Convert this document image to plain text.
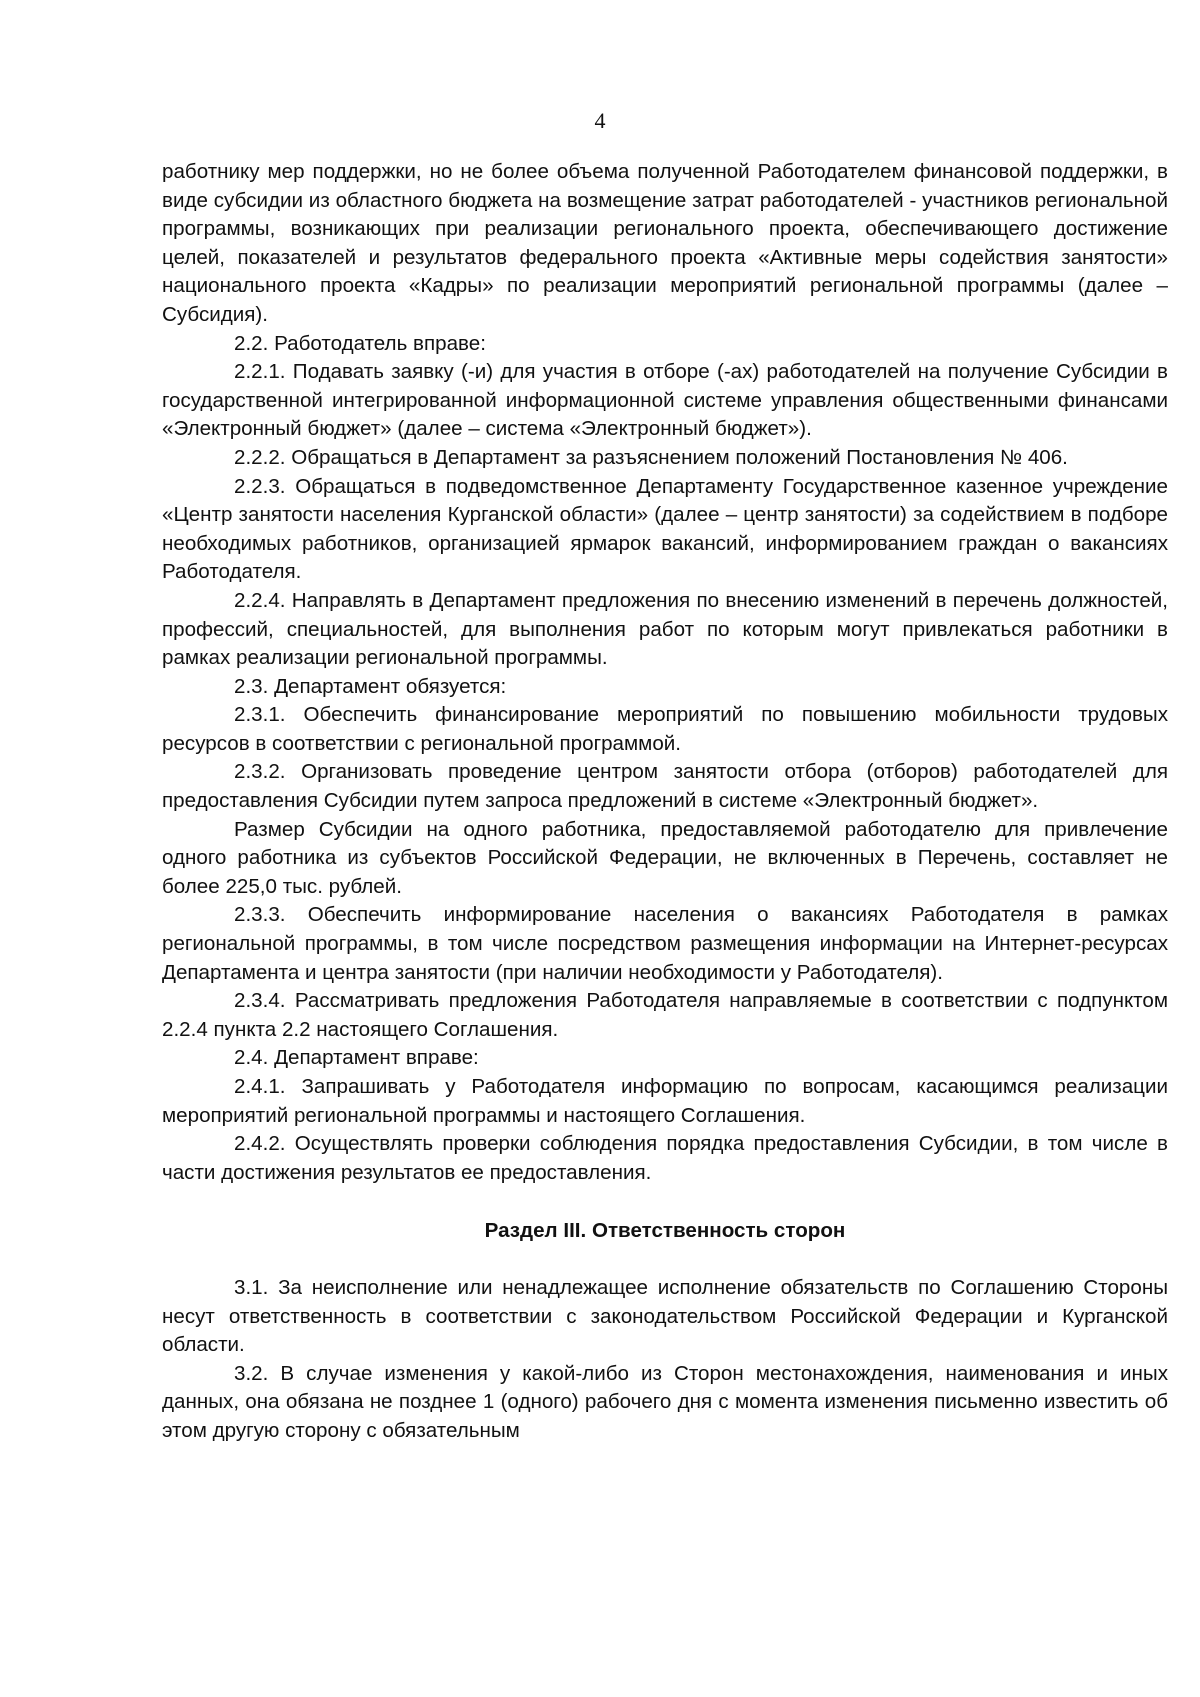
4

работнику мер поддержки, но не более объема полученной Работодателем финансовой поддержки, в виде субсидии из областного бюджета на возмещение затрат работодателей - участников региональной программы, возникающих при реализации регионального проекта, обеспечивающего достижение целей, показателей и результатов федерального проекта «Активные меры содействия занятости» национального проекта «Кадры» по реализации мероприятий региональной программы (далее – Субсидия).

2.2. Работодатель вправе:

2.2.1. Подавать заявку (-и) для участия в отборе (-ах) работодателей на получение Субсидии в государственной интегрированной информационной системе управления общественными финансами «Электронный бюджет» (далее – система «Электронный бюджет»).

2.2.2. Обращаться в Департамент за разъяснением положений Постановления № 406.

2.2.3. Обращаться в подведомственное Департаменту Государственное казенное учреждение «Центр занятости населения Курганской области» (далее – центр занятости) за содействием в подборе необходимых работников, организацией ярмарок вакансий, информированием граждан о вакансиях Работодателя.

2.2.4. Направлять в Департамент предложения по внесению изменений в перечень должностей, профессий, специальностей, для выполнения работ по которым могут привлекаться работники в рамках реализации региональной программы.

2.3. Департамент обязуется:

2.3.1. Обеспечить финансирование мероприятий по повышению мобильности трудовых ресурсов в соответствии с региональной программой.

2.3.2. Организовать проведение центром занятости отбора (отборов) работодателей для предоставления Субсидии путем запроса предложений в системе «Электронный бюджет».

Размер Субсидии на одного работника, предоставляемой работодателю для привлечение одного работника из субъектов Российской Федерации, не включенных в Перечень, составляет не более 225,0 тыс. рублей.

2.3.3. Обеспечить информирование населения о вакансиях Работодателя в рамках региональной программы, в том числе посредством размещения информации на Интернет-ресурсах Департамента и центра занятости (при наличии необходимости у Работодателя).

2.3.4. Рассматривать предложения Работодателя направляемые в соответствии с подпунктом 2.2.4 пункта 2.2 настоящего Соглашения.

2.4. Департамент вправе:

2.4.1. Запрашивать у Работодателя информацию по вопросам, касающимся реализации мероприятий региональной программы и настоящего Соглашения.

2.4.2. Осуществлять проверки соблюдения порядка предоставления Субсидии, в том числе в части достижения результатов ее предоставления.

Раздел III. Ответственность сторон

3.1. За неисполнение или ненадлежащее исполнение обязательств по Соглашению Стороны несут ответственность в соответствии с законодательством Российской Федерации и Курганской области.

3.2. В случае изменения у какой-либо из Сторон местонахождения, наименования и иных данных, она обязана не позднее 1 (одного) рабочего дня с момента изменения письменно известить об этом другую сторону с обязательным
